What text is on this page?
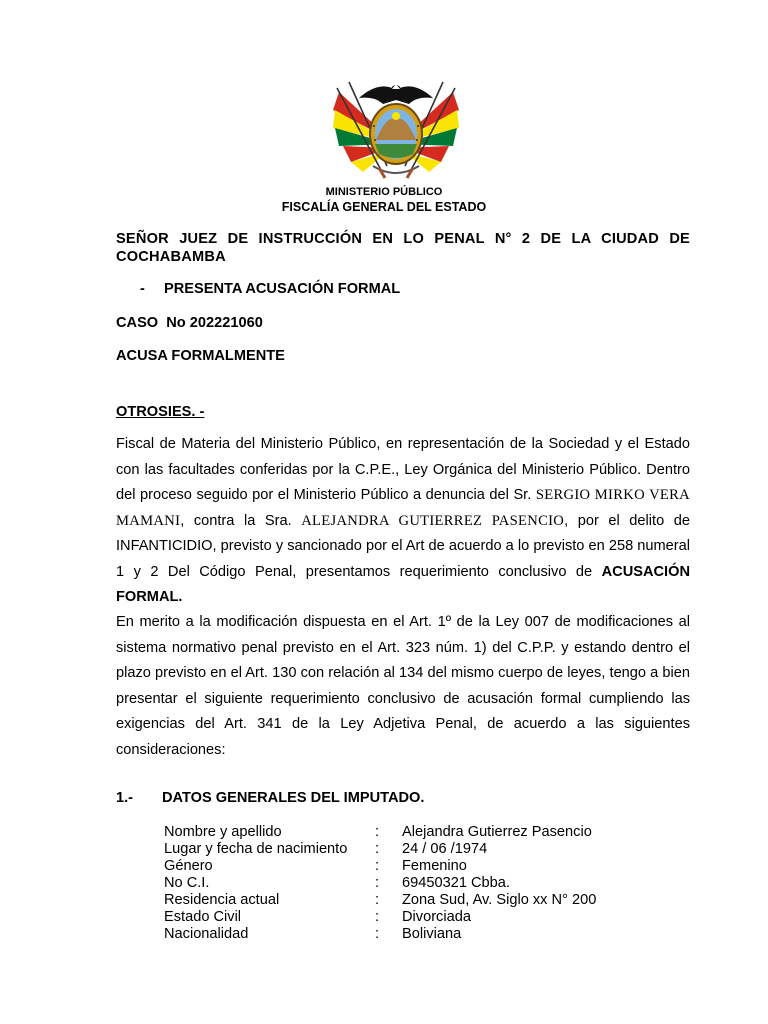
MINISTERIO PÚBLICO
FISCALÍA GENERAL DEL ESTADO
SEÑOR JUEZ DE INSTRUCCIÓN EN LO PENAL N° 2 DE LA CIUDAD DE COCHABAMBA
- PRESENTA ACUSACIÓN FORMAL
CASO  No 202221060
ACUSA FORMALMENTE
OTROSIES. -
Fiscal de Materia del Ministerio Público, en representación de la Sociedad y el Estado con las facultades conferidas por la C.P.E., Ley Orgánica del Ministerio Público. Dentro del proceso seguido por el Ministerio Público a denuncia del Sr. SERGIO MIRKO VERA MAMANI, contra la Sra. ALEJANDRA GUTIERREZ PASENCIO, por el delito de INFANTICIDIO, previsto y sancionado por el Art de acuerdo a lo previsto en 258 numeral 1 y 2 Del Código Penal, presentamos requerimiento conclusivo de ACUSACIÓN FORMAL.
En merito a la modificación dispuesta en el Art. 1º de la Ley 007 de modificaciones al sistema normativo penal previsto en el Art. 323 núm. 1) del C.P.P. y estando dentro el plazo previsto en el Art. 130 con relación al 134 del mismo cuerpo de leyes, tengo a bien presentar el siguiente requerimiento conclusivo de acusación formal cumpliendo las exigencias del Art. 341 de la Ley Adjetiva Penal, de acuerdo a las siguientes consideraciones:
1.- DATOS GENERALES DEL IMPUTADO.
Nombre y apellido	: Alejandra Gutierrez Pasencio
Lugar y fecha de nacimiento : 24 / 06 /1974
Género	: Femenino
No C.I.	: 69450321 Cbba.
Residencia actual	: Zona Sud, Av. Siglo xx N° 200
Estado Civil	: Divorciada
Nacionalidad	: Boliviana
